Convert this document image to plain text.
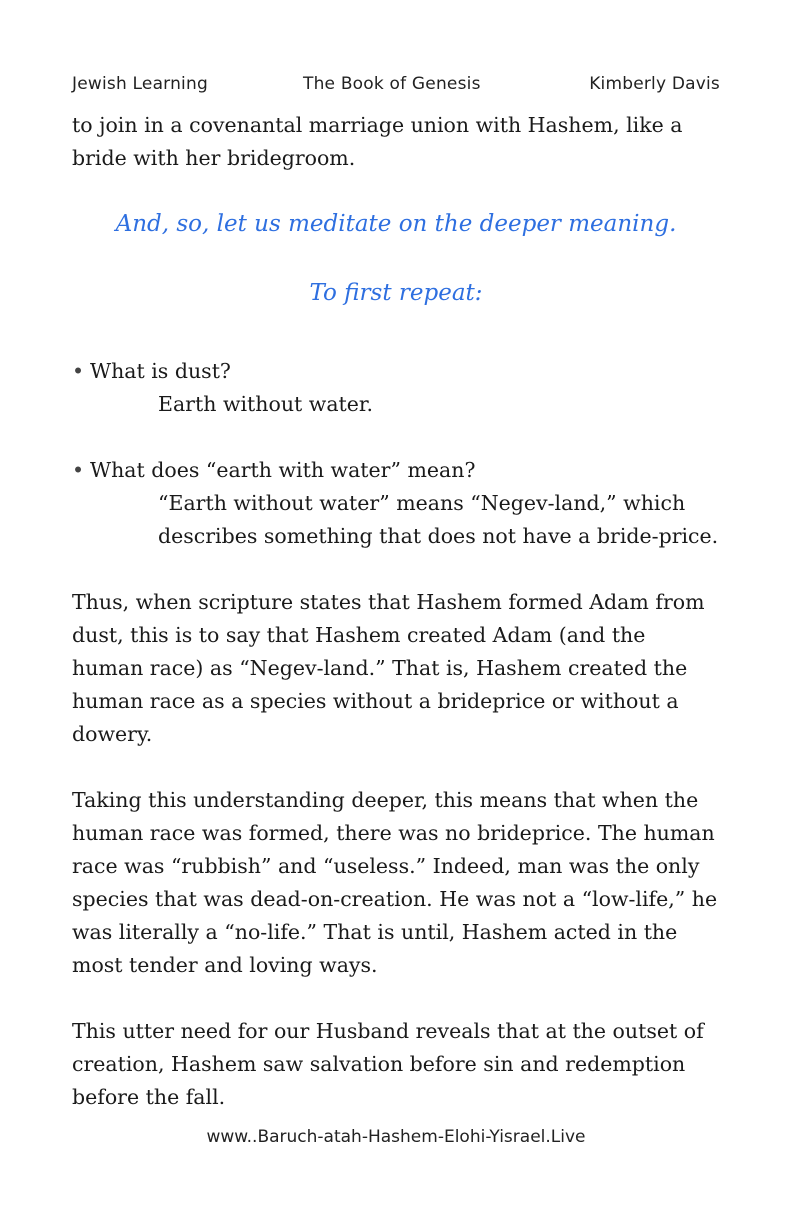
Jewish Learning	The Book of Genesis	Kimberly Davis

to join in a covenantal marriage union with Hashem, like a bride with her bridegroom.

And, so, let us meditate on the deeper meaning.

To first repeat:

• What is dust?

Earth without water.

• What does “earth with water” mean?

“Earth without water” means “Negev-land,” which describes something that does not have a bride-price.

Thus, when scripture states that Hashem formed Adam from dust, this is to say that Hashem created Adam (and the human race) as “Negev-land.” That is, Hashem created the human race as a species without a brideprice or without a dowery.

Taking this understanding deeper, this means that when the human race was formed, there was no brideprice. The human race was “rubbish” and “useless.” Indeed, man was the only species that was dead-on-creation. He was not a “low-life,” he was literally a “no-life.” That is until, Hashem acted in the most tender and loving ways.

This utter need for our Husband reveals that at the outset of creation, Hashem saw salvation before sin and redemption before the fall.

www..Baruch-atah-Hashem-Elohi-Yisrael.Live
